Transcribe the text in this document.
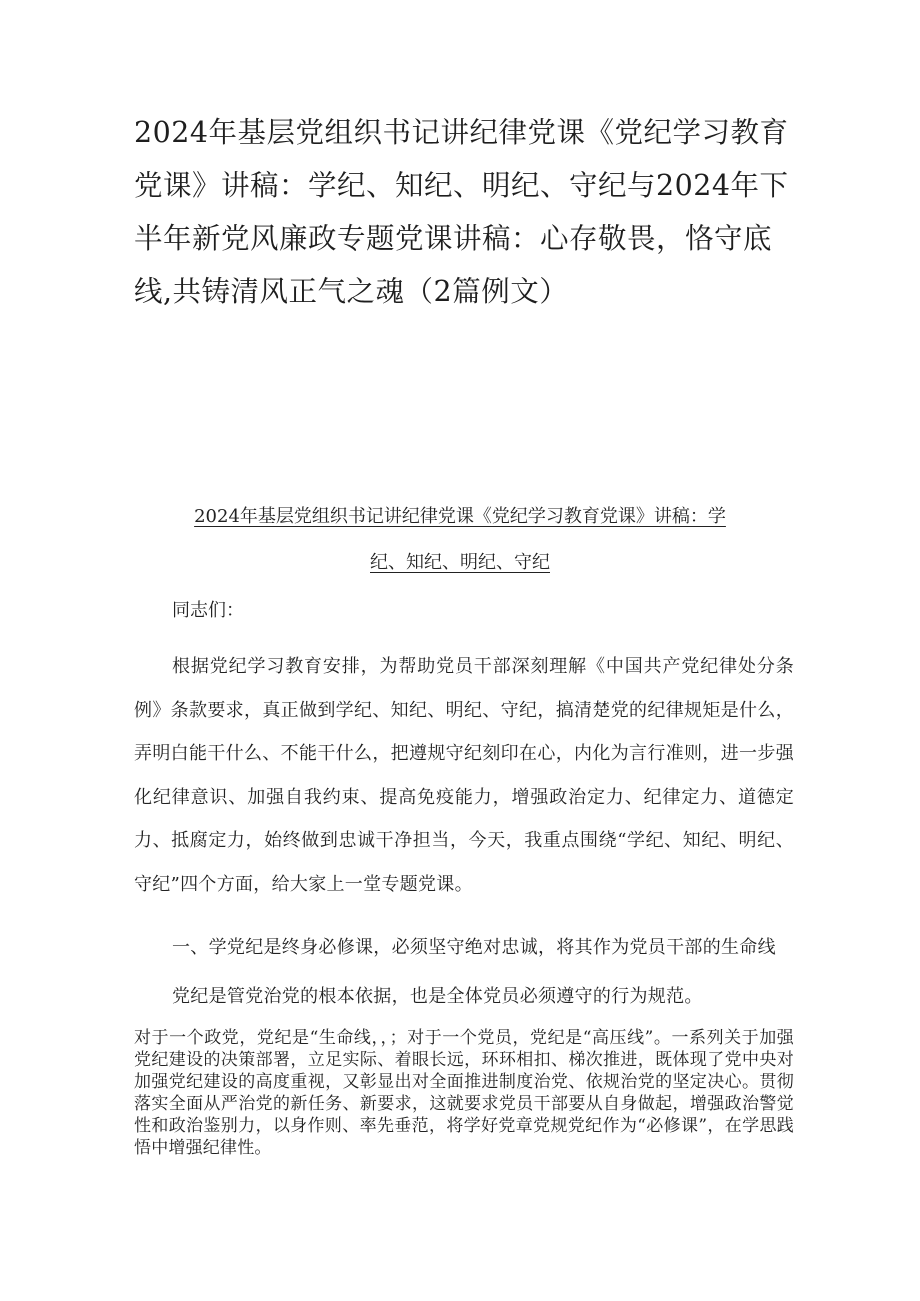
2024年基层党组织书记讲纪律党课《党纪学习教育党课》讲稿：学纪、知纪、明纪、守纪与2024年下半年新党风廉政专题党课讲稿：心存敬畏，恪守底线,共铸清风正气之魂（2篇例文）
2024年基层党组织书记讲纪律党课《党纪学习教育党课》讲稿：学
纪、知纪、明纪、守纪
同志们：

根据党纪学习教育安排，为帮助党员干部深刻理解《中国共产党纪律处分条例》条款要求，真正做到学纪、知纪、明纪、守纪，搞清楚党的纪律规矩是什么，弄明白能干什么、不能干什么，把遵规守纪刻印在心，内化为言行准则，进一步强化纪律意识、加强自我约束、提高免疫能力，增强政治定力、纪律定力、道德定力、抵腐定力，始终做到忠诚干净担当，今天，我重点围绕“学纪、知纪、明纪、守纪”四个方面，给大家上一堂专题党课。

一、学党纪是终身必修课，必须坚守绝对忠诚，将其作为党员干部的生命线

党纪是管党治党的根本依据，也是全体党员必须遵守的行为规范。

对于一个政党，党纪是“生命线，，；对于一个党员，党纪是“高压线”。一系列关于加强党纪建设的决策部署，立足实际、着眼长远，环环相扣、梯次推进，既体现了党中央对加强党纪建设的高度重视，又彰显出对全面推进制度治党、依规治党的坚定决心。贯彻落实全面从严治党的新任务、新要求，这就要求党员干部要从自身做起，增强政治警觉性和政治鉴别力，以身作则、率先垂范，将学好党章党规党纪作为“必修课”，在学思践悟中增强纪律性。
